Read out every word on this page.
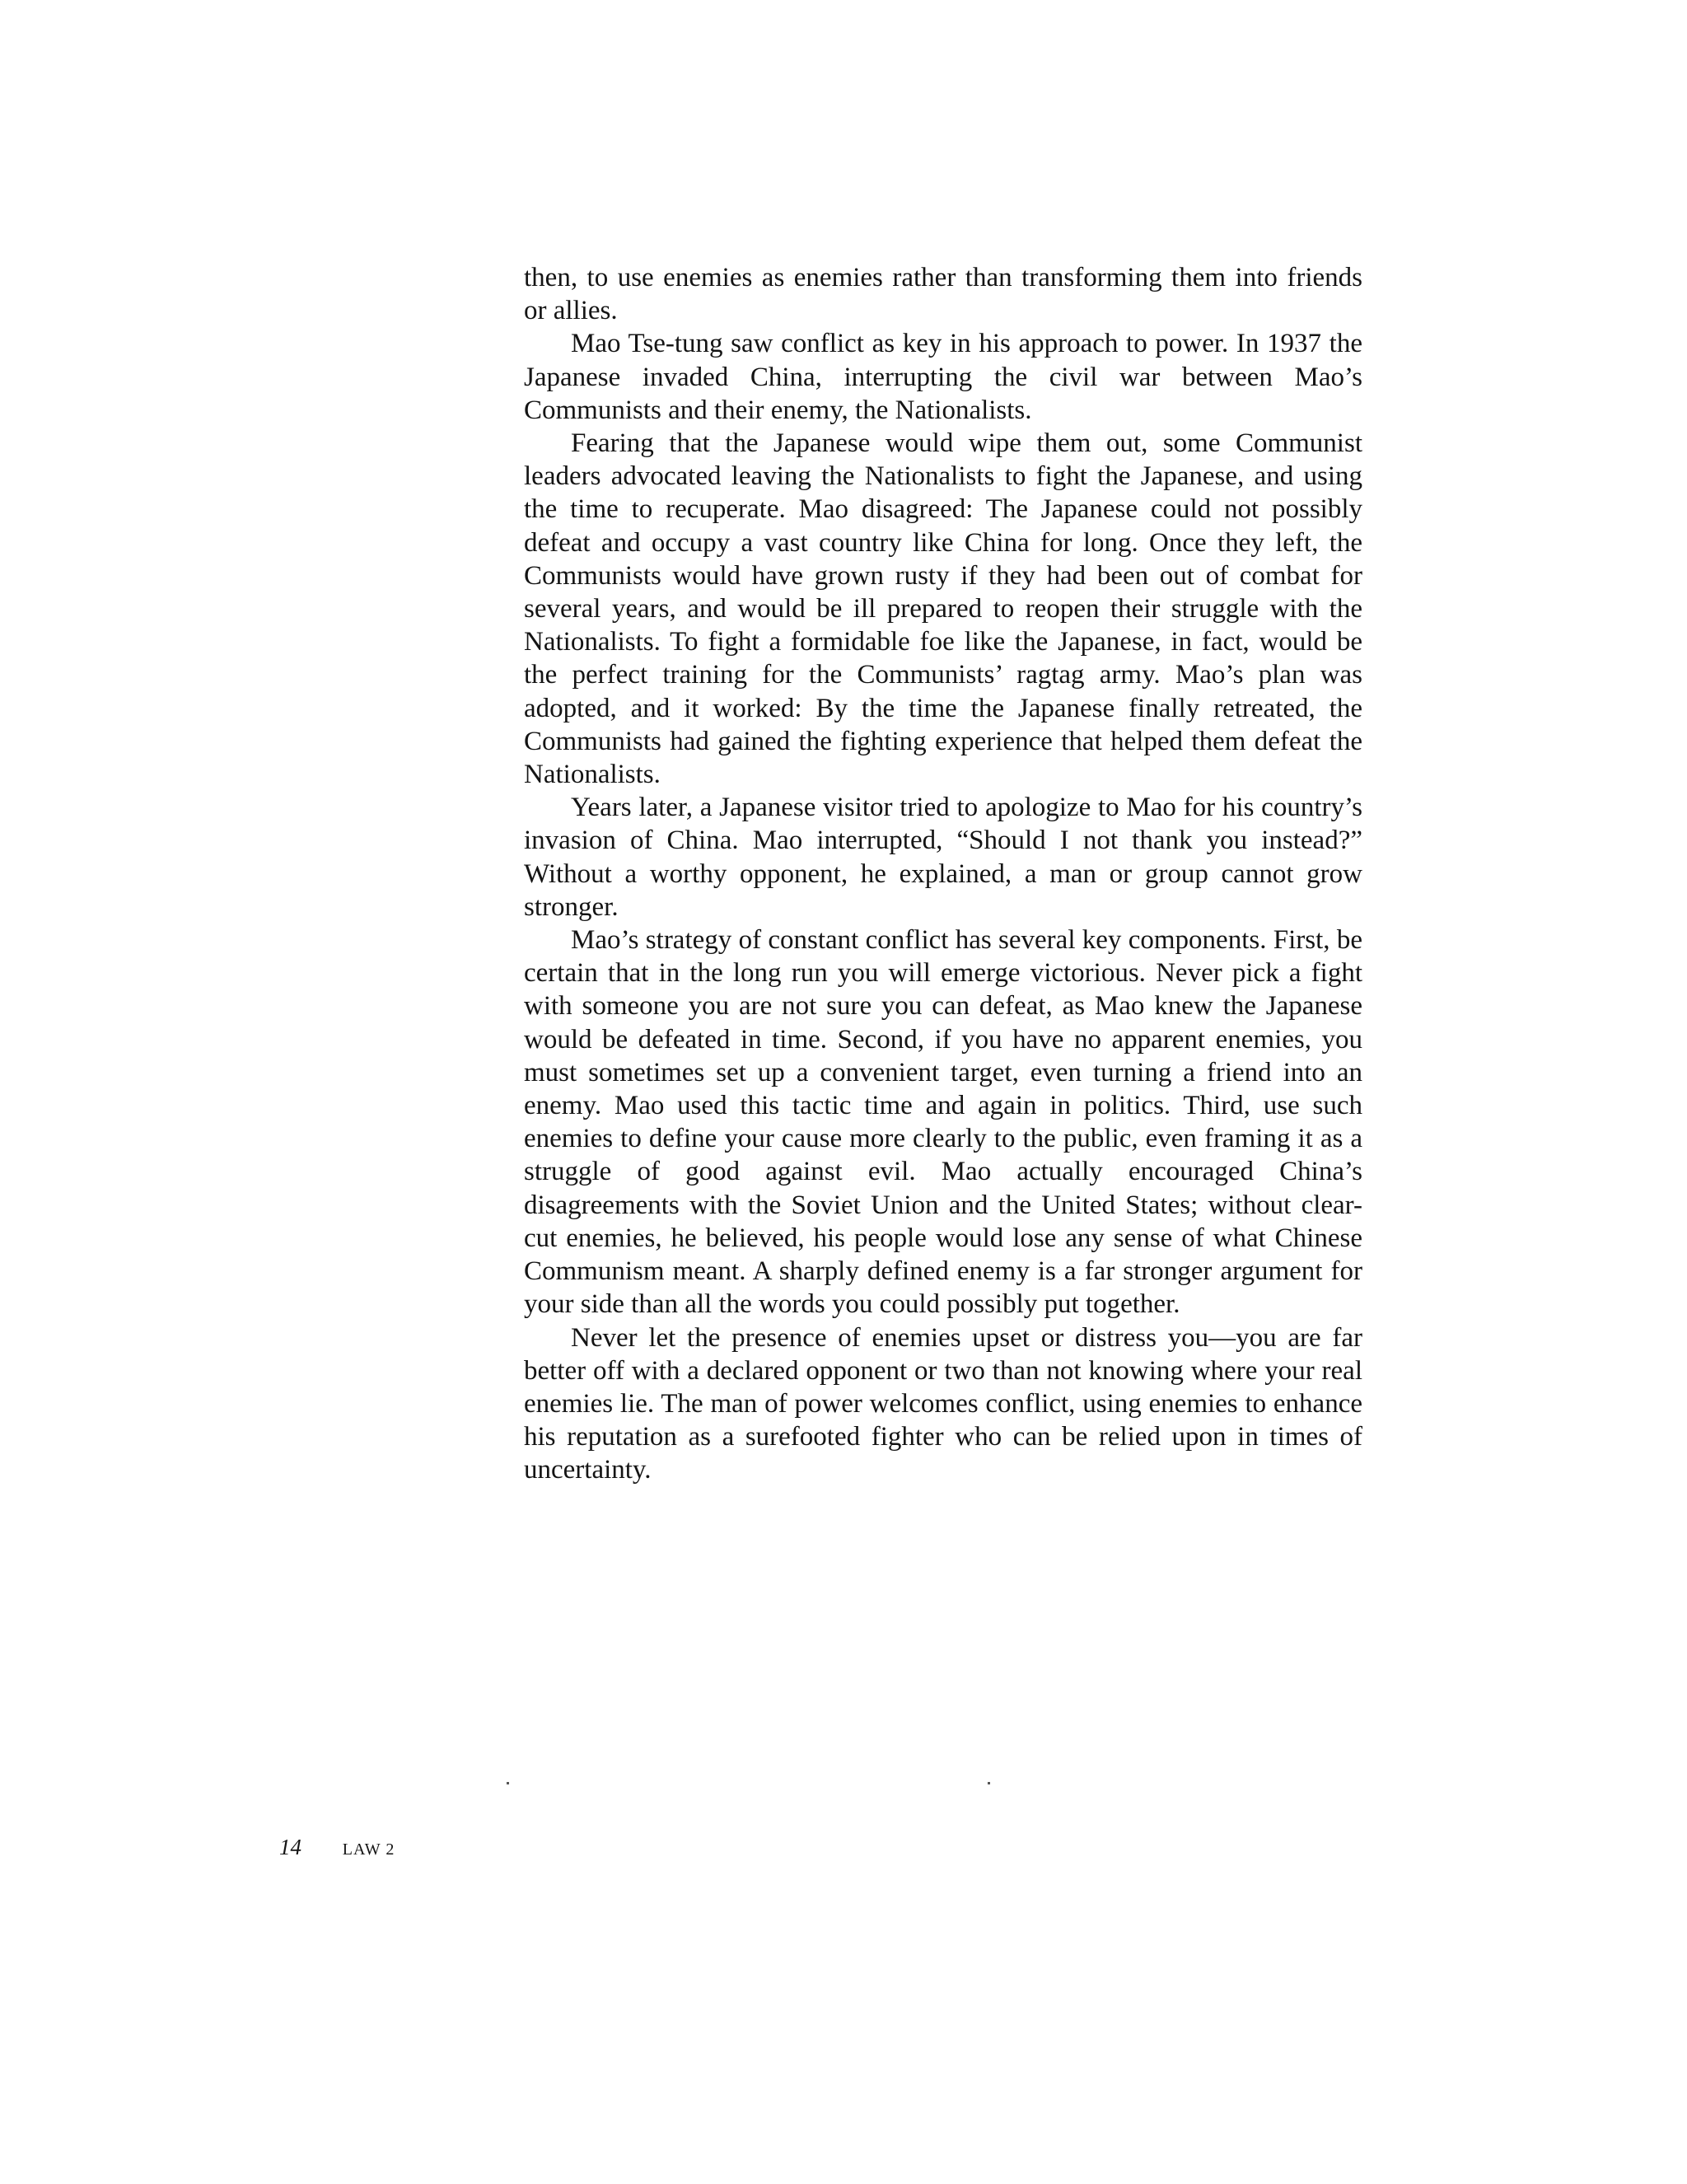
then, to use enemies as enemies rather than transforming them into friends or allies.

Mao Tse-tung saw conflict as key in his approach to power. In 1937 the Japanese invaded China, interrupting the civil war between Mao’s Communists and their enemy, the Nationalists.

Fearing that the Japanese would wipe them out, some Communist leaders advocated leaving the Nationalists to fight the Japanese, and using the time to recuperate. Mao disagreed: The Japanese could not possibly defeat and occupy a vast country like China for long. Once they left, the Communists would have grown rusty if they had been out of combat for several years, and would be ill prepared to reopen their struggle with the Nationalists. To fight a formidable foe like the Japanese, in fact, would be the perfect training for the Communists’ ragtag army. Mao’s plan was adopted, and it worked: By the time the Japanese finally retreated, the Communists had gained the fighting experience that helped them defeat the Nationalists.

Years later, a Japanese visitor tried to apologize to Mao for his country’s invasion of China. Mao interrupted, “Should I not thank you instead?” Without a worthy opponent, he explained, a man or group cannot grow stronger.

Mao’s strategy of constant conflict has several key components. First, be certain that in the long run you will emerge victorious. Never pick a fight with someone you are not sure you can defeat, as Mao knew the Japanese would be defeated in time. Second, if you have no apparent enemies, you must sometimes set up a convenient target, even turning a friend into an enemy. Mao used this tactic time and again in politics. Third, use such enemies to define your cause more clearly to the public, even framing it as a struggle of good against evil. Mao actually encouraged China’s disagreements with the Soviet Union and the United States; without clear-cut enemies, he believed, his people would lose any sense of what Chinese Communism meant. A sharply defined enemy is a far stronger argument for your side than all the words you could possibly put together.

Never let the presence of enemies upset or distress you—you are far better off with a declared opponent or two than not knowing where your real enemies lie. The man of power welcomes conflict, using enemies to enhance his reputation as a surefooted fighter who can be relied upon in times of uncertainty.

14 LAW 2
